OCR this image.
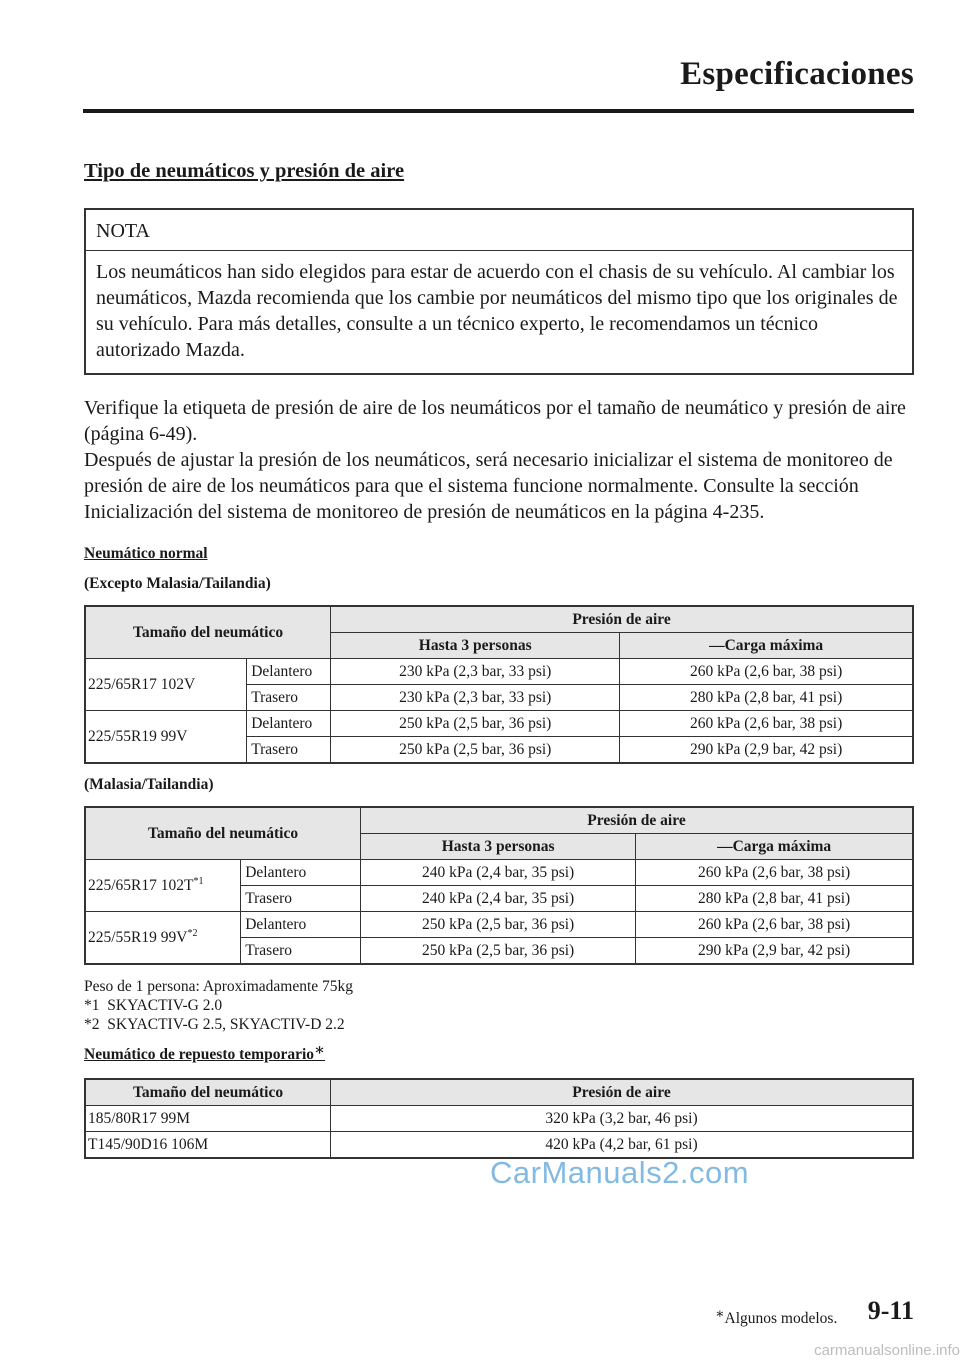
Especificaciones
Tipo de neumáticos y presión de aire
NOTA
Los neumáticos han sido elegidos para estar de acuerdo con el chasis de su vehículo. Al cambiar los neumáticos, Mazda recomienda que los cambie por neumáticos del mismo tipo que los originales de su vehículo. Para más detalles, consulte a un técnico experto, le recomendamos un técnico autorizado Mazda.

Verifique la etiqueta de presión de aire de los neumáticos por el tamaño de neumático y presión de aire (página 6-49).

Después de ajustar la presión de los neumáticos, será necesario inicializar el sistema de monitoreo de presión de aire de los neumáticos para que el sistema funcione normalmente. Consulte la sección Inicialización del sistema de monitoreo de presión de neumáticos en la página 4-235.

Neumático normal
(Excepto Malasia/Tailandia)
Tamaño del neumático		Presión de aire	
		Hasta 3 personas	―Carga máxima
225/65R17 102V	Delantero	230 kPa (2,3 bar, 33 psi)	260 kPa (2,6 bar, 38 psi)
	Trasero	230 kPa (2,3 bar, 33 psi)	280 kPa (2,8 bar, 41 psi)
225/55R19 99V	Delantero	250 kPa (2,5 bar, 36 psi)	260 kPa (2,6 bar, 38 psi)
	Trasero	250 kPa (2,5 bar, 36 psi)	290 kPa (2,9 bar, 42 psi)
(Malasia/Tailandia)
Tamaño del neumático		Presión de aire	
		Hasta 3 personas	―Carga máxima
225/65R17 $102T^{*1}$	Delantero	240 kPa (2,4 bar, 35 psi)	260 kPa (2,6 bar, 38 psi)
	Trasero	240 kPa (2,4 bar, 35 psi)	280 kPa (2,8 bar, 41 psi)
225/55R19 $99V^{*2}$	Delantero	250 kPa (2,5 bar, 36 psi)	260 kPa (2,6 bar, 38 psi)
	Trasero	250 kPa (2,5 bar, 36 psi)	290 kPa (2,9 bar, 42 psi)
Peso de 1 persona: Aproximadamente 75kg
*1  SKYACTIV-G 2.0
*2  SKYACTIV-G 2.5, SKYACTIV-D 2.2
Neumático de repuesto temporario∗
Tamaño del neumático	Presión de aire
185/80R17 99M	320 kPa (3,2 bar, 46 psi)
T145/90D16 106M	420 kPa (4,2 bar, 61 psi)
CarManuals2.com
∗Algunos modelos. 9-11
carmanualsonline.info
